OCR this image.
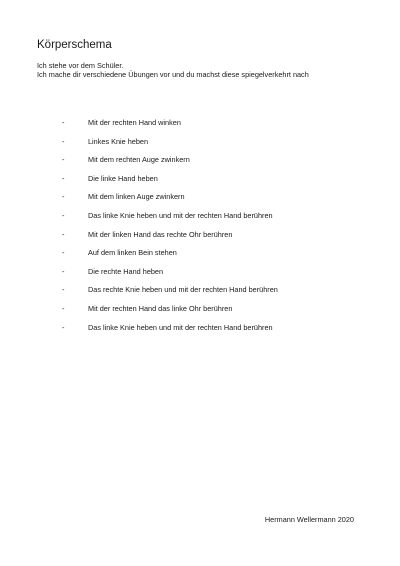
Körperschema
Ich stehe vor dem Schüler.
Ich mache dir verschiedene Übungen vor und du machst diese spiegelverkehrt nach
-	Mit der rechten Hand winken
-	Linkes Knie heben
-	Mit dem rechten Auge zwinkern
-	Die linke Hand heben
-	Mit dem linken Auge zwinkern
-	Das linke Knie heben und mit der rechten Hand berühren
-	Mit der linken Hand das rechte Ohr berühren
-	Auf dem linken Bein stehen
-	Die rechte Hand heben
-	Das rechte Knie heben und mit der rechten Hand berühren
-	Mit der rechten Hand das linke Ohr berühren
-	Das linke Knie heben und mit der rechten Hand berühren
Hermann Wellermann 2020
